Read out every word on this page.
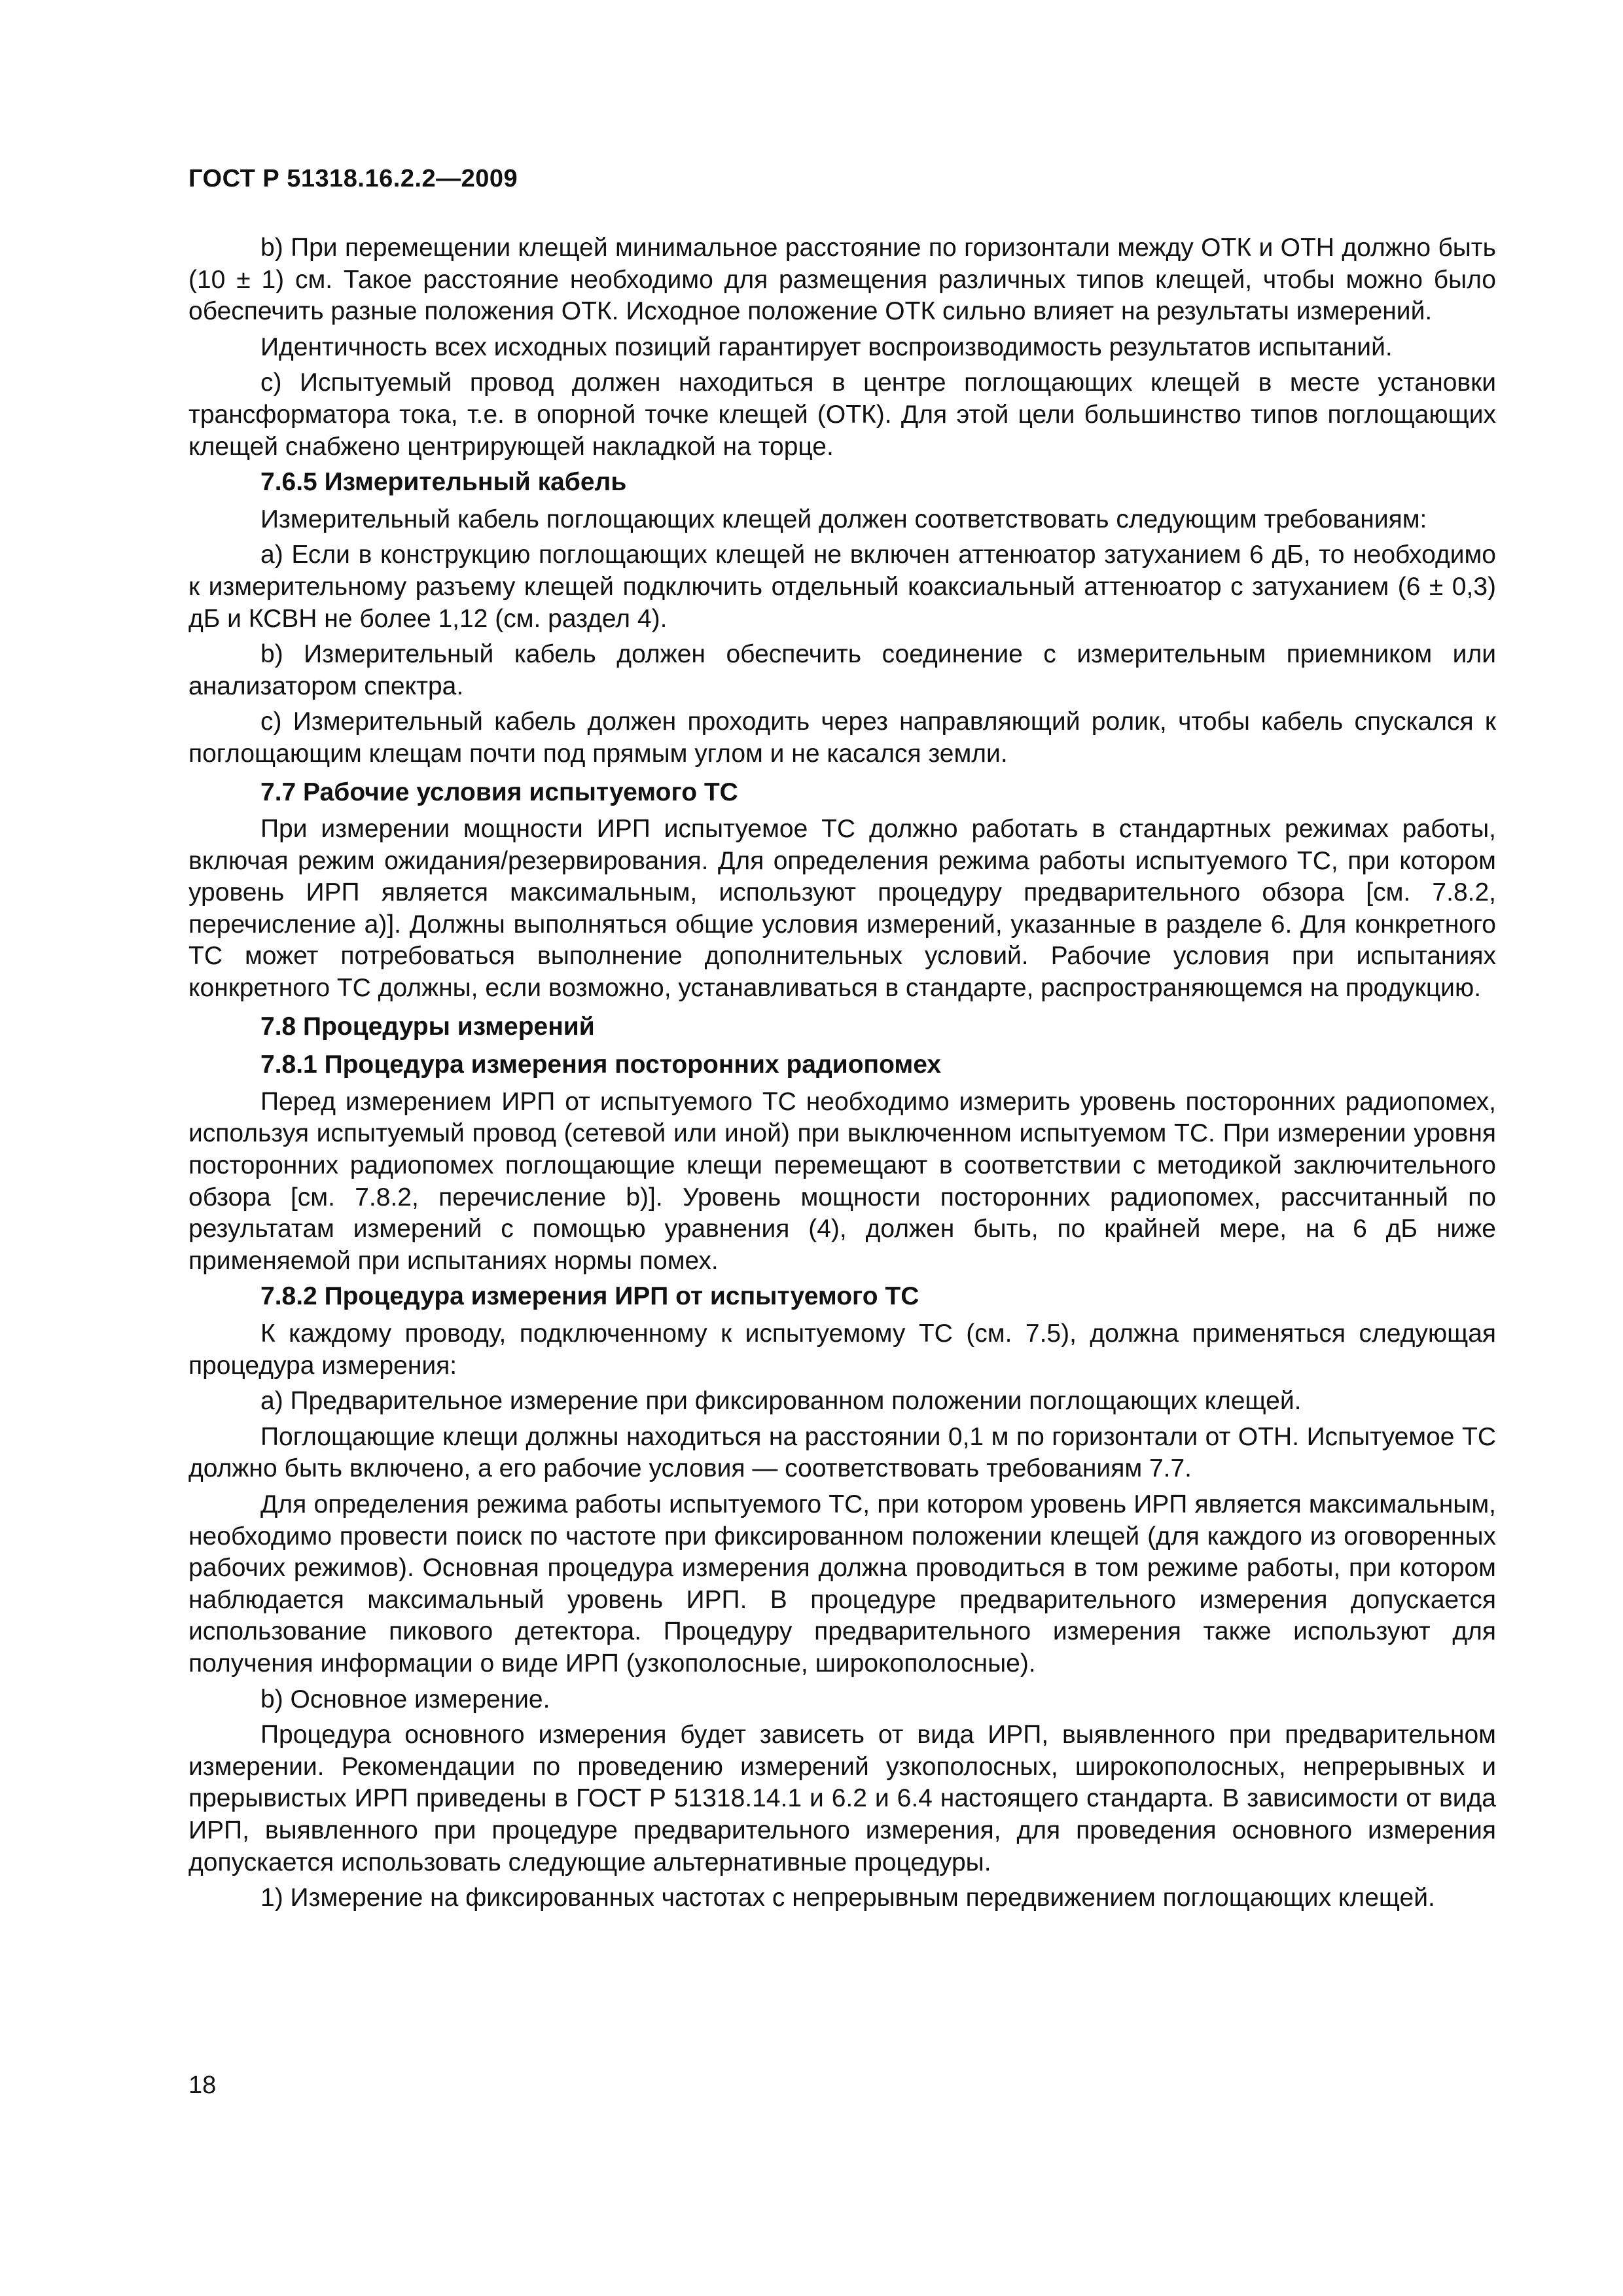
ГОСТ Р 51318.16.2.2—2009
b) При перемещении клещей минимальное расстояние по горизонтали между ОТК и ОТН должно быть (10 ± 1) см. Такое расстояние необходимо для размещения различных типов клещей, чтобы можно было обеспечить разные положения ОТК. Исходное положение ОТК сильно влияет на результаты измерений.
Идентичность всех исходных позиций гарантирует воспроизводимость результатов испытаний.
c) Испытуемый провод должен находиться в центре поглощающих клещей в месте установки трансформатора тока, т.е. в опорной точке клещей (ОТК). Для этой цели большинство типов поглощающих клещей снабжено центрирующей накладкой на торце.
7.6.5 Измерительный кабель
Измерительный кабель поглощающих клещей должен соответствовать следующим требованиям:
a) Если в конструкцию поглощающих клещей не включен аттенюатор затуханием 6 дБ, то необходимо к измерительному разъему клещей подключить отдельный коаксиальный аттенюатор с затуханием (6 ± 0,3) дБ и КСВН не более 1,12 (см. раздел 4).
b) Измерительный кабель должен обеспечить соединение с измерительным приемником или анализатором спектра.
c) Измерительный кабель должен проходить через направляющий ролик, чтобы кабель спускался к поглощающим клещам почти под прямым углом и не касался земли.
7.7 Рабочие условия испытуемого ТС
При измерении мощности ИРП испытуемое ТС должно работать в стандартных режимах работы, включая режим ожидания/резервирования. Для определения режима работы испытуемого ТС, при котором уровень ИРП является максимальным, используют процедуру предварительного обзора [см. 7.8.2, перечисление a)]. Должны выполняться общие условия измерений, указанные в разделе 6. Для конкретного ТС может потребоваться выполнение дополнительных условий. Рабочие условия при испытаниях конкретного ТС должны, если возможно, устанавливаться в стандарте, распространяющемся на продукцию.
7.8 Процедуры измерений
7.8.1 Процедура измерения посторонних радиопомех
Перед измерением ИРП от испытуемого ТС необходимо измерить уровень посторонних радиопомех, используя испытуемый провод (сетевой или иной) при выключенном испытуемом ТС. При измерении уровня посторонних радиопомех поглощающие клещи перемещают в соответствии с методикой заключительного обзора [см. 7.8.2, перечисление b)]. Уровень мощности посторонних радиопомех, рассчитанный по результатам измерений с помощью уравнения (4), должен быть, по крайней мере, на 6 дБ ниже применяемой при испытаниях нормы помех.
7.8.2 Процедура измерения ИРП от испытуемого ТС
К каждому проводу, подключенному к испытуемому ТС (см. 7.5), должна применяться следующая процедура измерения:
a) Предварительное измерение при фиксированном положении поглощающих клещей.
Поглощающие клещи должны находиться на расстоянии 0,1 м по горизонтали от ОТН. Испытуемое ТС должно быть включено, а его рабочие условия — соответствовать требованиям 7.7.
Для определения режима работы испытуемого ТС, при котором уровень ИРП является максимальным, необходимо провести поиск по частоте при фиксированном положении клещей (для каждого из оговоренных рабочих режимов). Основная процедура измерения должна проводиться в том режиме работы, при котором наблюдается максимальный уровень ИРП. В процедуре предварительного измерения допускается использование пикового детектора. Процедуру предварительного измерения также используют для получения информации о виде ИРП (узкополосные, широкополосные).
b) Основное измерение.
Процедура основного измерения будет зависеть от вида ИРП, выявленного при предварительном измерении. Рекомендации по проведению измерений узкополосных, широкополосных, непрерывных и прерывистых ИРП приведены в ГОСТ Р 51318.14.1 и 6.2 и 6.4 настоящего стандарта. В зависимости от вида ИРП, выявленного при процедуре предварительного измерения, для проведения основного измерения допускается использовать следующие альтернативные процедуры.
1) Измерение на фиксированных частотах с непрерывным передвижением поглощающих клещей.
18
